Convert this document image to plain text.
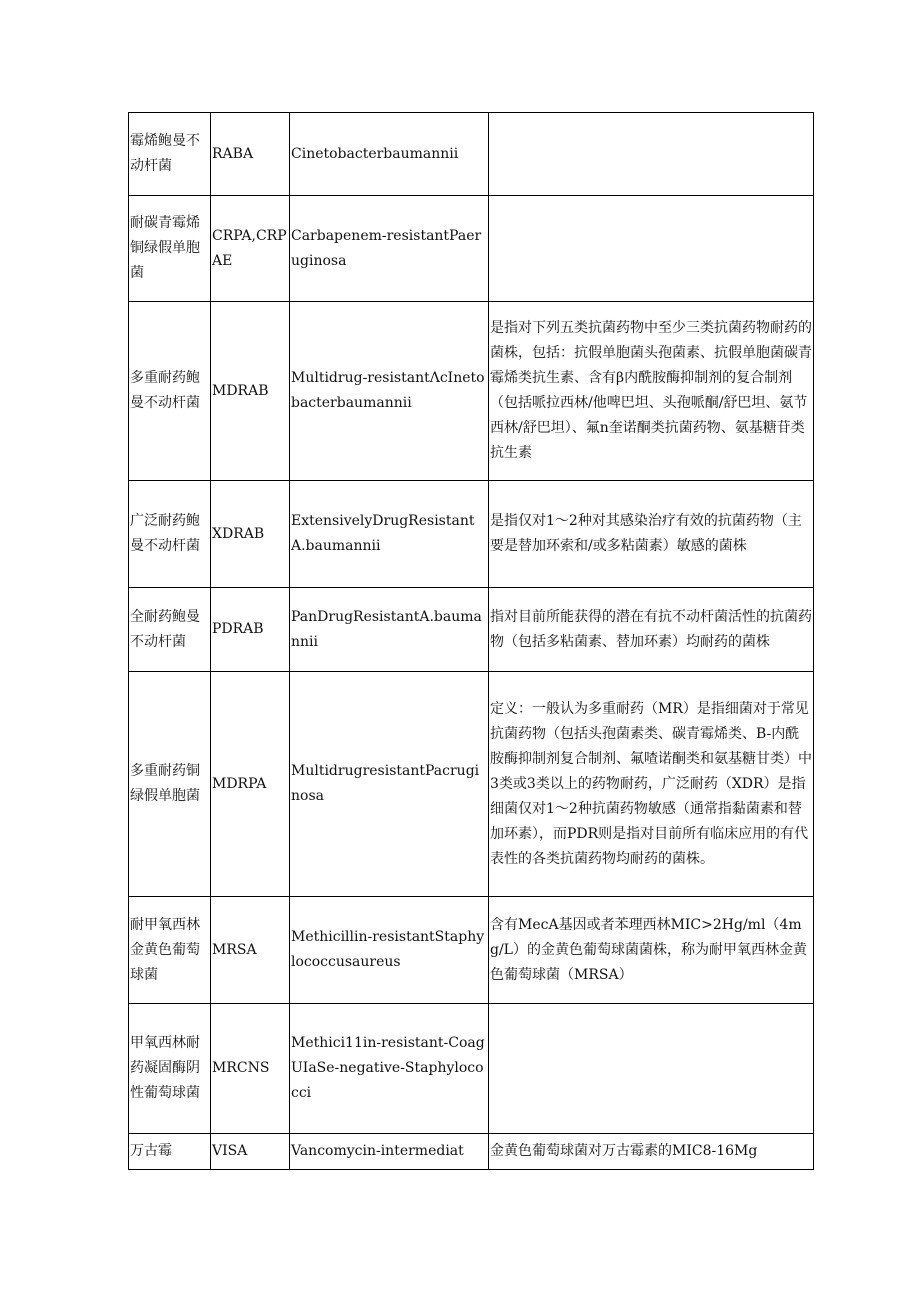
霉烯鲍曼不动杆菌	RABA	Cinetobacterbaumannii	
耐碳青霉烯铜绿假单胞菌	CRPA,CRPAE	Carbapenem-resistantPaeruginosa	
多重耐药鲍曼不动杆菌	MDRAB	Multidrug-resistantΛcInetobacterbaumannii	是指对下列五类抗菌药物中至少三类抗菌药物耐药的菌株，包括：抗假单胞菌头孢菌素、抗假单胞菌碳青霉烯类抗生素、含有β内酰胺酶抑制剂的复合制剂（包括哌拉西林/他啤巴坦、头孢哌酮/舒巴坦、氨节西林/舒巴坦）、氟n奎诺酮类抗菌药物、氨基糖苷类抗生素
广泛耐药鲍曼不动杆菌	XDRAB	ExtensivelyDrugResistantA.baumannii	是指仅对1～2种对其感染治疗有效的抗菌药物（主要是替加环索和/或多粘菌素）敏感的菌株
全耐药鲍曼不动杆菌	PDRAB	PanDrugResistantA.baumannii	指对目前所能获得的潜在有抗不动杆菌活性的抗菌药物（包括多粘菌素、替加环素）均耐药的菌株
多重耐药铜绿假单胞菌	MDRPA	MultidrugresistantPacruginosa	定义：一般认为多重耐药（MR）是指细菌对于常见抗菌药物（包括头孢菌素类、碳青霉烯类、B-内酰胺酶抑制剂复合制剂、氟喳诺酮类和氨基糖甘类）中3类或3类以上的药物耐药，广泛耐药（XDR）是指细菌仅对1～2种抗菌药物敏感（通常指黏菌素和替加环素），而PDR则是指对目前所有临床应用的有代表性的各类抗菌药物均耐药的菌株。
耐甲氧西林金黄色葡萄球菌	MRSA	Methicillin-resistantStaphylococcusaureus	含有MecA基因或者苯理西林MIC>2Hg/ml（4mg/L）的金黄色葡萄球菌菌株，称为耐甲氧西林金黄色葡萄球菌（MRSA）
甲氧西林耐药凝固酶阴性葡萄球菌	MRCNS	Methici11in-resistant-CoagUIaSe-negative-Staphylococci	
万古霉	VISA	Vancomycin-intermediat	金黄色葡萄球菌对万古霉素的MIC8-16Mg
